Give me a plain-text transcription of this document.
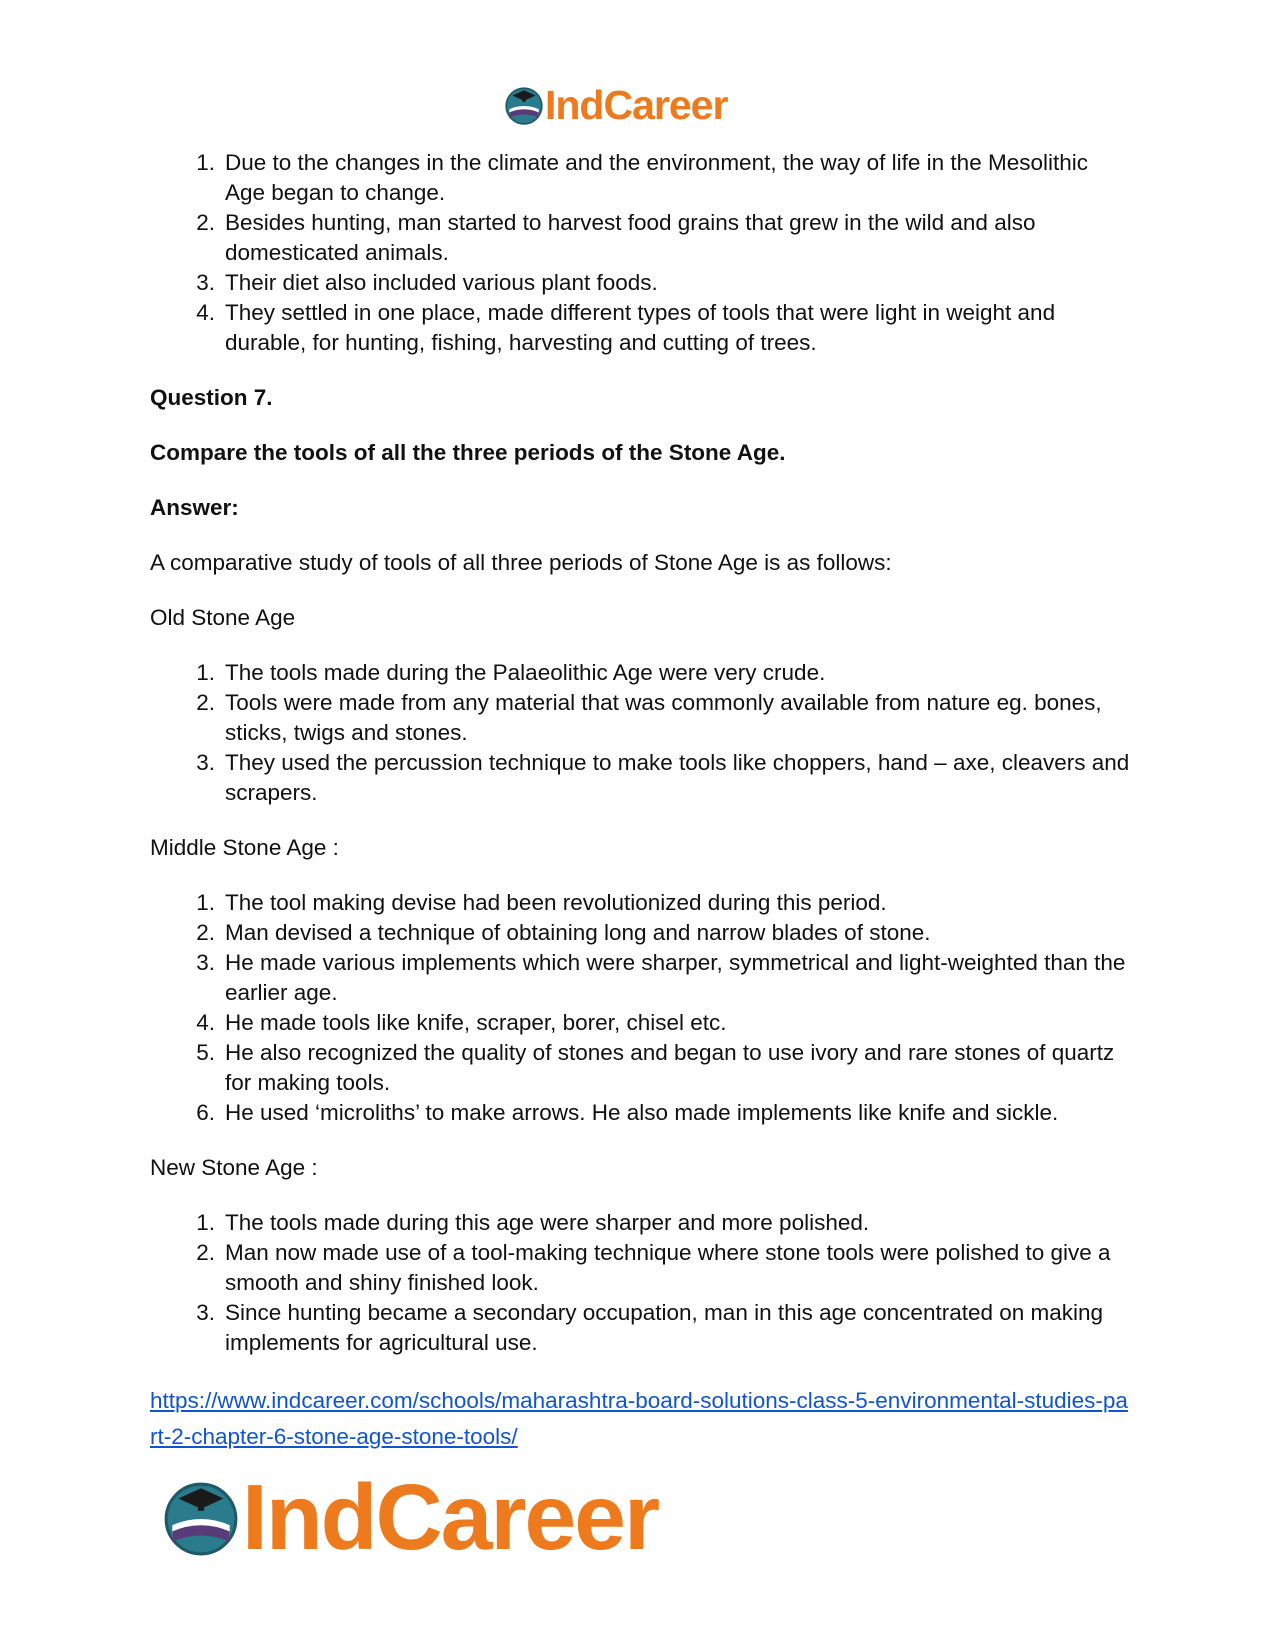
IndCareer
1. Due to the changes in the climate and the environment, the way of life in the Mesolithic Age began to change.
2. Besides hunting, man started to harvest food grains that grew in the wild and also domesticated animals.
3. Their diet also included various plant foods.
4. They settled in one place, made different types of tools that were light in weight and durable, for hunting, fishing, harvesting and cutting of trees.

Question 7.

Compare the tools of all the three periods of the Stone Age.

Answer:

A comparative study of tools of all three periods of Stone Age is as follows:

Old Stone Age

1. The tools made during the Palaeolithic Age were very crude.
2. Tools were made from any material that was commonly available from nature eg. bones, sticks, twigs and stones.
3. They used the percussion technique to make tools like choppers, hand – axe, cleavers and scrapers.

Middle Stone Age :

1. The tool making devise had been revolutionized during this period.
2. Man devised a technique of obtaining long and narrow blades of stone.
3. He made various implements which were sharper, symmetrical and light-weighted than the earlier age.
4. He made tools like knife, scraper, borer, chisel etc.
5. He also recognized the quality of stones and began to use ivory and rare stones of quartz for making tools.
6. He used ‘microliths’ to make arrows. He also made implements like knife and sickle.

New Stone Age :

1. The tools made during this age were sharper and more polished.
2. Man now made use of a tool-making technique where stone tools were polished to give a smooth and shiny finished look.
3. Since hunting became a secondary occupation, man in this age concentrated on making implements for agricultural use.
https://www.indcareer.com/schools/maharashtra-board-solutions-class-5-environmental-studies-part-2-chapter-6-stone-age-stone-tools/
IndCareer
